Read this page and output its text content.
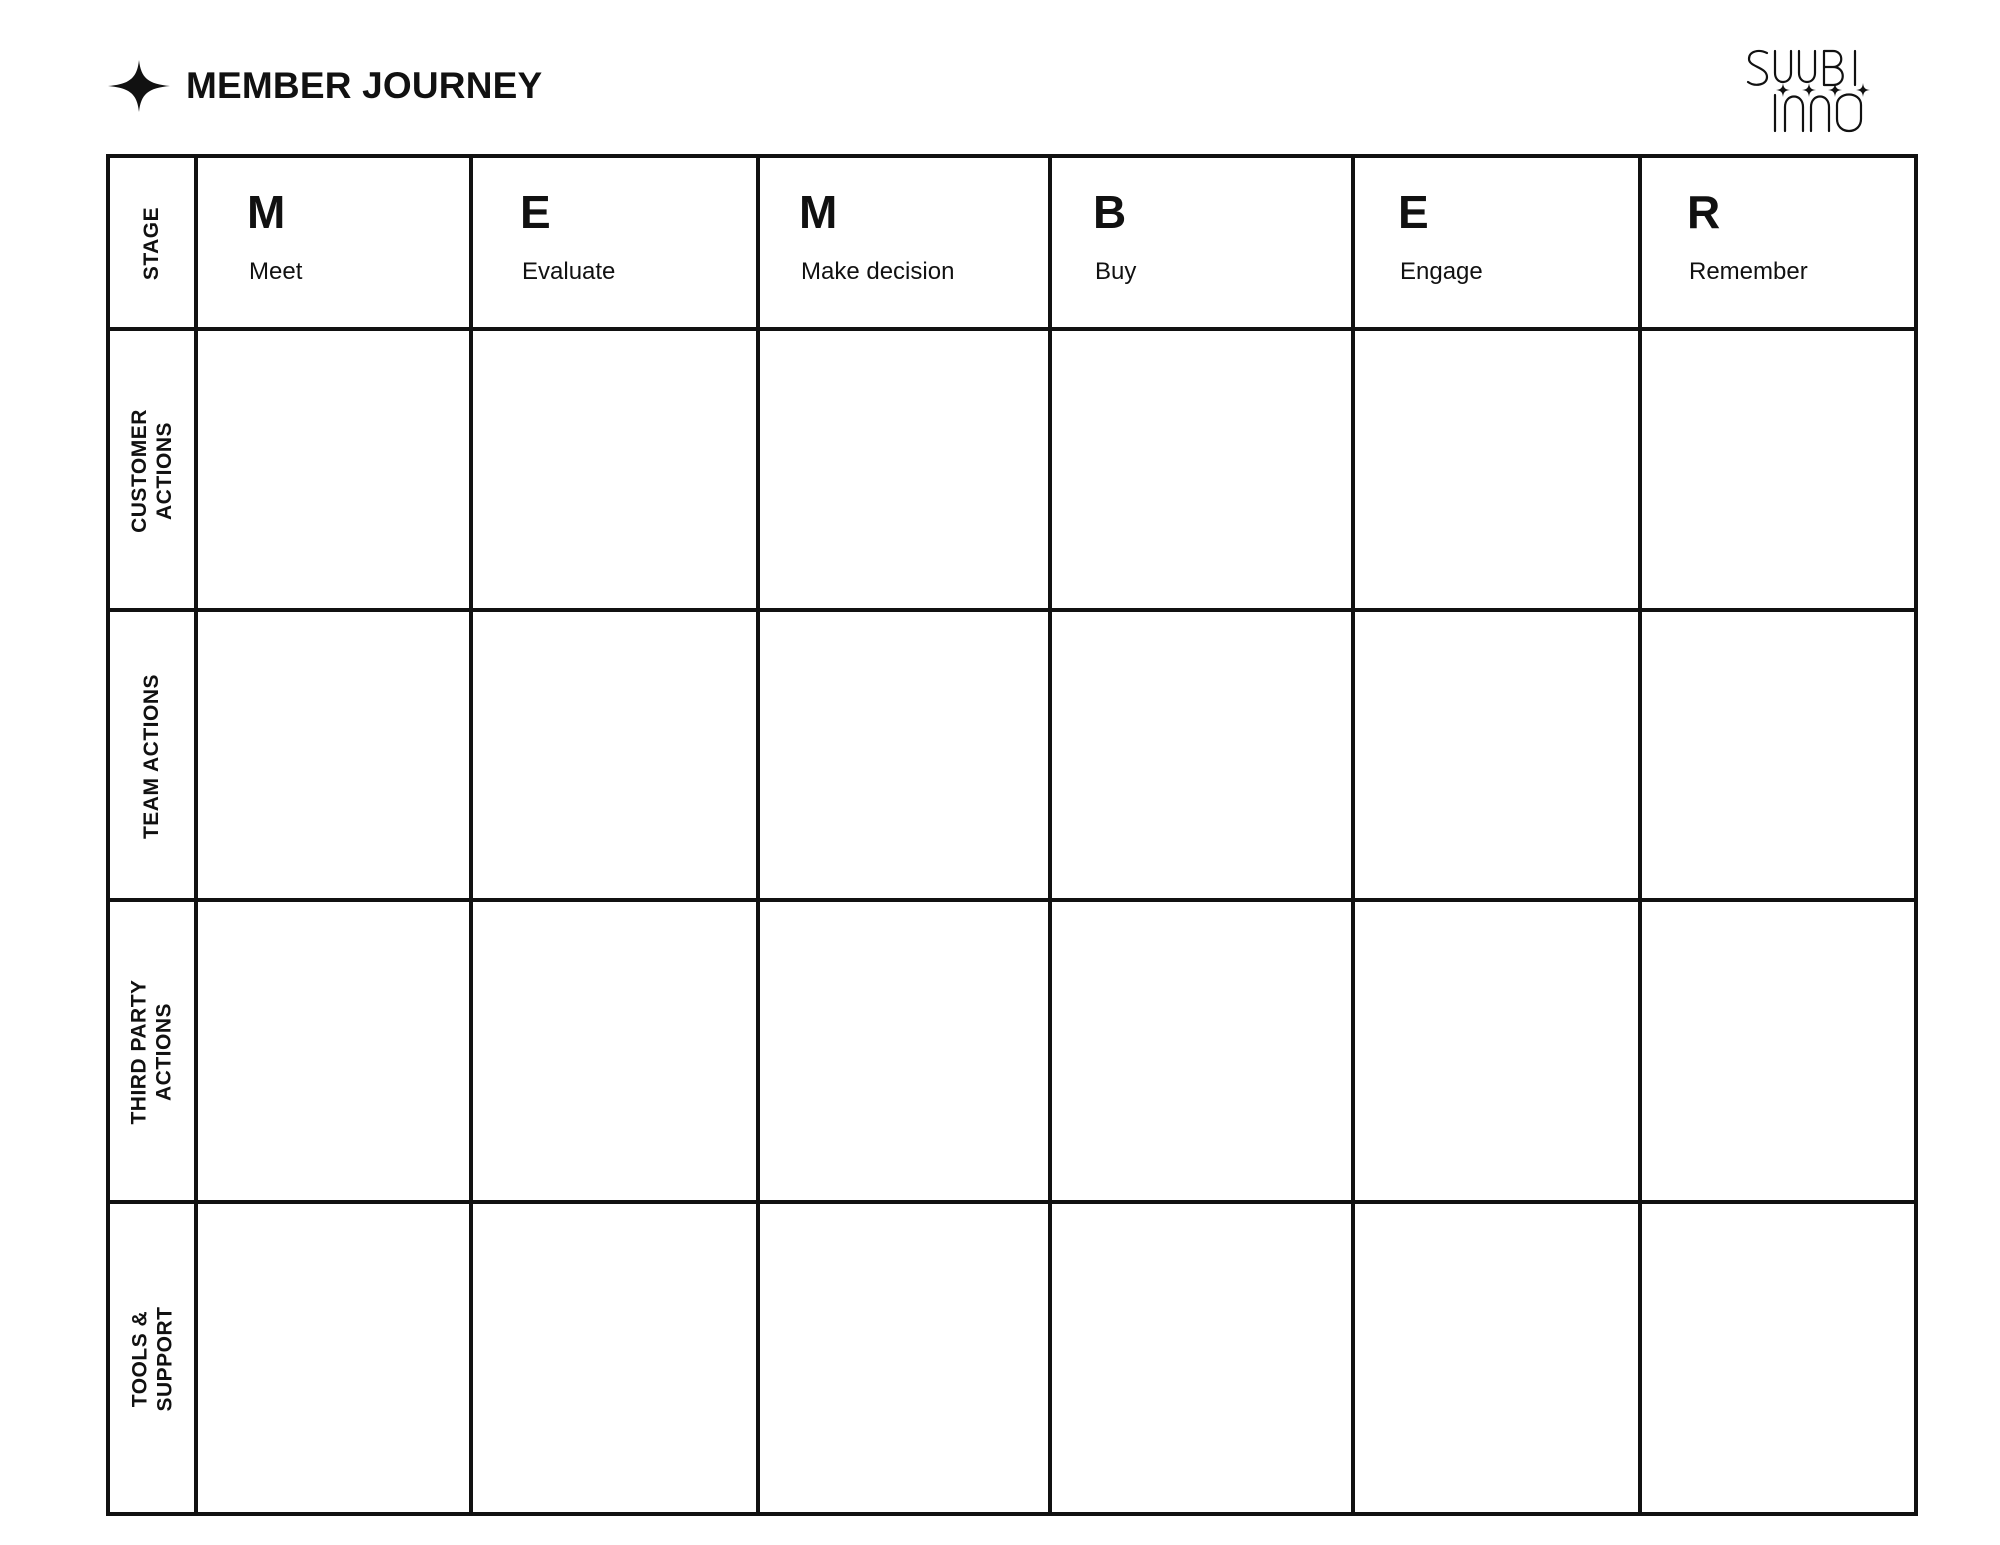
MEMBER JOURNEY
STAGE
CUSTOMER
ACTIONS
TEAM ACTIONS
THIRD PARTY
ACTIONS
TOOLS &
SUPPORT
M
Meet
E
Evaluate
M
Make decision
B
Buy
E
Engage
R
Remember
